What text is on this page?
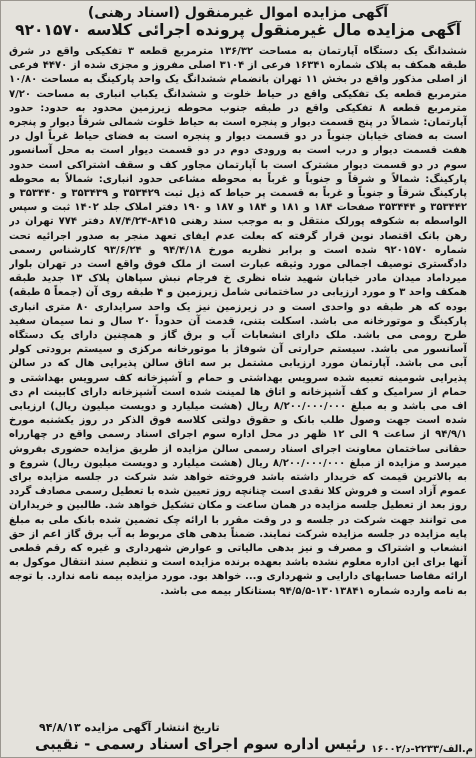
آگهی مزایده اموال غیرمنقول (اسناد رهنی)
آگهی مزایده مال غیرمنقول پرونده اجرائی کلاسه ۹۲۰۱۵۷۰
ششدانگ یک دستگاه آپارتمان به مساحت ۱۳۶/۳۲ مترمربع قطعه ۳ تفکیکی واقع در شرق طبقه همکف به پلاک شماره ۱۶۳۴۱ فرعی از ۳۱۰۴ اصلی مفروز و مجزی شده از ۴۴۷۰ فرعی از اصلی مذکور واقع در بخش ۱۱ تهران بانضمام ششدانگ یک واحد پارکینگ به مساحت ۱۰/۸۰ مترمربع قطعه یک تفکیکی واقع در حیاط خلوت و ششدانگ یکباب انباری به مساحت ۷/۲۰ مترمربع قطعه ۸ تفکیکی واقع در طبقه جنوب محوطه زیرزمین محدود به حدود: حدود آپارتمان: شمالاً در پنج قسمت دیوار و پنجره است به حیاط خلوت شمالی شرقاً دیوار و پنجره است به فضای خیابان جنوباً در دو قسمت دیوار و پنجره است به فضای حیاط غرباً اول در هفت قسمت دیوار و درب است به ورودی دوم در دو قسمت دیوار است به محل آسانسور سوم در دو قسمت دیوار مشترک است با آپارتمان مجاور کف و سقف اشتراکی است حدود پارکینگ: شمالاً و شرقاً و جنوباً و غرباً به محوطه مشاعی حدود انباری: شمالاً به محوطه پارکینگ شرقاً و جنوباً و غرباً به قسمت پر حیاط که ذیل ثبت ۳۵۳۴۲۹ و ۳۵۳۴۳۹ و ۳۵۳۴۴۰ و ۳۵۳۴۴۲ و ۳۵۳۴۴۴ صفحات ۱۸۴ و ۱۸۱ و ۱۸۴ و ۱۸۷ و ۱۹۰ دفتر املاک جلد ۱۴۰۲ ثبت و سپس الواسطه به شکوفه پورلک منتقل و به موجب سند رهنی ۸۴۱۵-۸۷/۴/۲۴ دفتر ۷۷۴ تهران در رهن بانک اقتصاد نوین قرار گرفته که بعلت عدم ایفای تعهد منجر به صدور اجرائیه تحت شماره ۹۲۰۱۵۷۰ شده است و برابر نظریه مورخ ۹۴/۴/۱۸ و ۹۳/۶/۲۴ کارشناس رسمی دادگستری توصیف اجمالی مورد وثیقه عبارت است از ملک فوق واقع است در تهران بلوار میرداماد میدان مادر خیابان شهید شاه نظری خ فرجام نبش سپاهان پلاک ۱۳ جدید طبقه همکف واحد ۳ و مورد ارزیابی در ساختمانی شامل زیرزمین و ۴ طبقه روی آن (جمعاً ۵ طبقه) بوده که هر طبقه دو واحدی است و در زیرزمین نیز یک واحد سرایداری ۸۰ متری انباری پارکینگ و موتورخانه می باشد. اسکلت بتنی، قدمت آن حدوداً ۲۰ سال و نما سیمان سفید طرح رومی می باشد. ملک دارای انشعابات آب و برق گاز و همچنین دارای یک دستگاه آسانسور می باشد. سیستم حرارتی آن شوفاژ با موتورخانه مرکزی و سیستم برودتی کولر آبی می باشد. آپارتمان مورد ارزیابی مشتمل بر سه اتاق سالن پذیرایی هال که در سالن پذیرایی شومینه تعبیه شده سرویس بهداشتی و حمام و آشپزخانه کف سرویس بهداشتی و حمام از سرامیک و کف آشپزخانه و اتاق ها لمینت شده است آشپزخانه دارای کابینت ام دی اف می باشد و به مبلغ ۸/۲۰۰/۰۰۰/۰۰۰ ریال (هشت میلیارد و دویست میلیون ریال) ارزیابی شده است جهت وصول طلب بانک و حقوق دولتی کلاسه فوق الذکر در روز یکشنبه مورخ ۹۴/۹/۱ از ساعت ۹ الی ۱۲ ظهر در محل اداره سوم اجرای اسناد رسمی واقع در چهارراه حقانی ساختمان معاونت اجرای اسناد رسمی سالن مزایده از طریق مزایده حضوری بفروش میرسد و مزایده از مبلغ ۸/۲۰۰/۰۰۰/۰۰۰ ریال (هشت میلیارد و دویست میلیون ریال) شروع و به بالاترین قیمت که خریدار داشته باشد فروخته خواهد شد شرکت در جلسه مزایده برای عموم آزاد است و فروش کلا نقدی است چنانچه روز تعیین شده با تعطیل رسمی مصادف گردد روز بعد از تعطیل جلسه مزایده در همان ساعت و مکان تشکیل خواهد شد. طالبین و خریداران می توانند جهت شرکت در جلسه و در وقت مقرر با ارائه چک تضمین شده بانک ملی به مبلغ پایه مزایده در جلسه مزایده شرکت نمایند. ضمناً بدهی های مربوط به آب برق گاز اعم از حق انشعاب و اشتراک و مصرف و نیز بدهی مالیاتی و عوارض شهرداری و غیره که رقم قطعی آنها برای این اداره معلوم نشده باشد بعهده برنده مزایده است و تنظیم سند انتقال موکول به ارائه مفاصا حسابهای دارایی و شهرداری و... خواهد بود. مورد مزایده بیمه نامه ندارد. با توجه به نامه وارده شماره ۱۳۰۱۳۸۴۱-۹۴/۵/۵ بستانکار بیمه می باشد.
تاریخ انتشار آگهی مزایده ۹۴/۸/۱۳
رئیس اداره سوم اجرای اسناد رسمی - نقیبی ۱۶۰۰۲/م.الف/۲۲۳۳-د
